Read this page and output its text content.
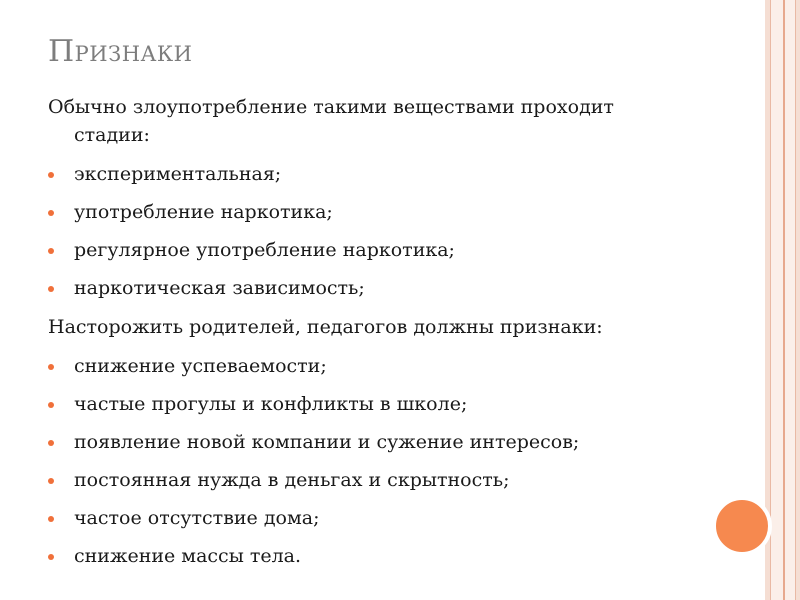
Признаки
Обычно злоупотребление такими веществами проходит
стадии:
экспериментальная;
употребление наркотика;
регулярное употребление наркотика;
наркотическая зависимость;
Насторожить родителей, педагогов должны признаки:
снижение успеваемости;
частые прогулы и конфликты в школе;
появление новой компании и сужение интересов;
постоянная нужда в деньгах и скрытность;
частое отсутствие дома;
снижение массы тела.
